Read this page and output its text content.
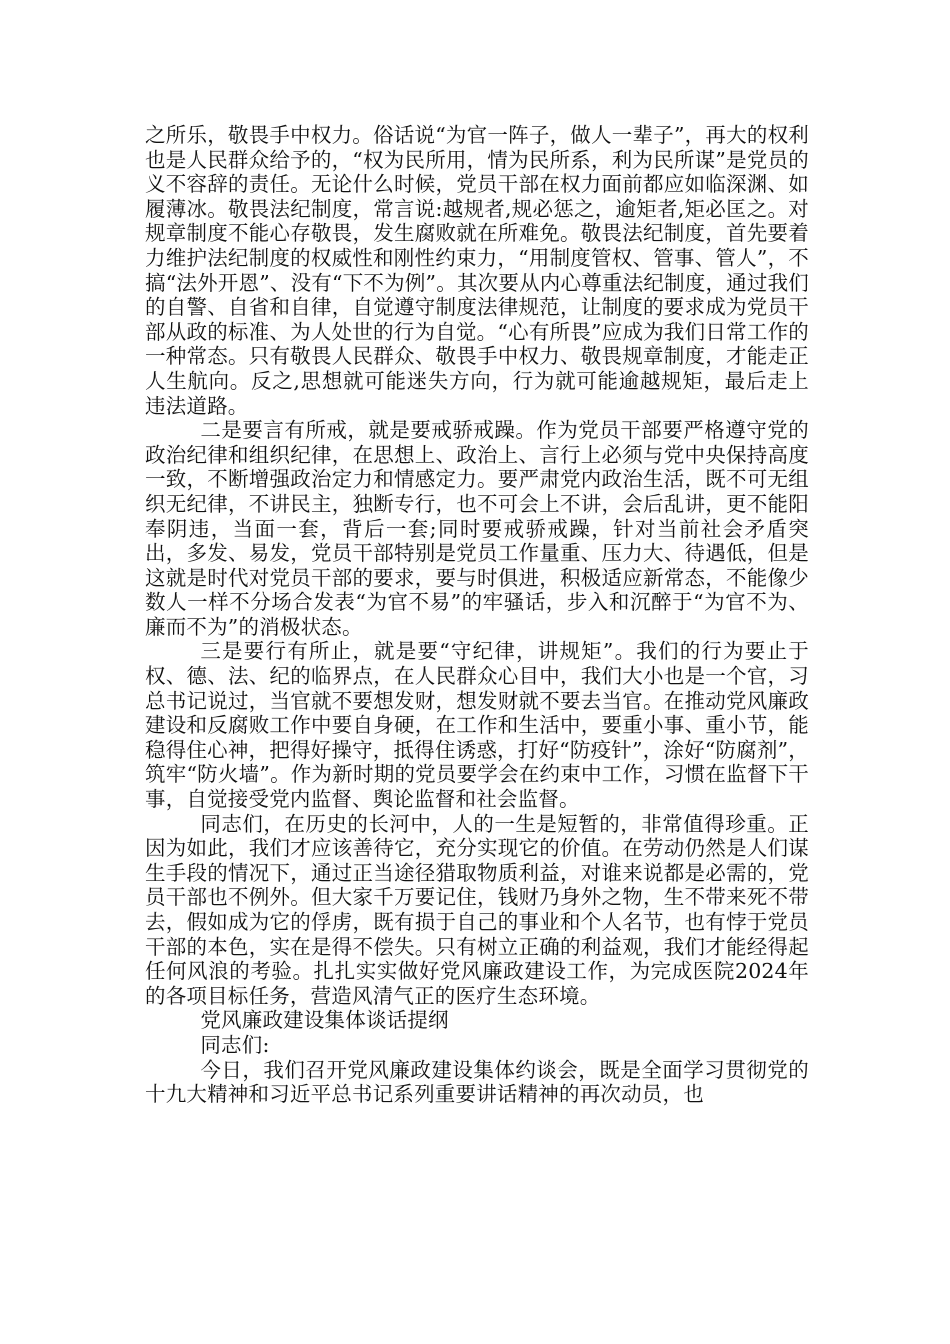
之所乐，敬畏手中权力。俗话说“为官一阵子，做人一辈子”，再大的权利也是人民群众给予的，“权为民所用，情为民所系，利为民所谋”是党员的义不容辞的责任。无论什么时候，党员干部在权力面前都应如临深渊、如履薄冰。敬畏法纪制度，常言说:越规者,规必惩之，逾矩者,矩必匡之。对规章制度不能心存敬畏，发生腐败就在所难免。敬畏法纪制度，首先要着力维护法纪制度的权威性和刚性约束力，“用制度管权、管事、管人”，不搞“法外开恩”、没有“下不为例”。其次要从内心尊重法纪制度，通过我们的自警、自省和自律，自觉遵守制度法律规范，让制度的要求成为党员干部从政的标准、为人处世的行为自觉。“心有所畏”应成为我们日常工作的一种常态。只有敬畏人民群众、敬畏手中权力、敬畏规章制度，才能走正人生航向。反之,思想就可能迷失方向，行为就可能逾越规矩，最后走上违法道路。

二是要言有所戒，就是要戒骄戒躁。作为党员干部要严格遵守党的政治纪律和组织纪律，在思想上、政治上、言行上必须与党中央保持高度一致，不断增强政治定力和情感定力。要严肃党内政治生活，既不可无组织无纪律，不讲民主，独断专行，也不可会上不讲，会后乱讲，更不能阳奉阴违，当面一套，背后一套;同时要戒骄戒躁，针对当前社会矛盾突出，多发、易发，党员干部特别是党员工作量重、压力大、待遇低，但是这就是时代对党员干部的要求，要与时俱进，积极适应新常态，不能像少数人一样不分场合发表“为官不易”的牢骚话，步入和沉醉于“为官不为、廉而不为”的消极状态。

三是要行有所止，就是要“守纪律，讲规矩”。我们的行为要止于权、德、法、纪的临界点，在人民群众心目中，我们大小也是一个官，习总书记说过，当官就不要想发财，想发财就不要去当官。在推动党风廉政建设和反腐败工作中要自身硬，在工作和生活中，要重小事、重小节，能稳得住心神，把得好操守，抵得住诱惑，打好“防疫针”，涂好“防腐剂”，筑牢“防火墙”。作为新时期的党员要学会在约束中工作，习惯在监督下干事，自觉接受党内监督、舆论监督和社会监督。

同志们，在历史的长河中，人的一生是短暂的，非常值得珍重。正因为如此，我们才应该善待它，充分实现它的价值。在劳动仍然是人们谋生手段的情况下，通过正当途径猎取物质利益，对谁来说都是必需的，党员干部也不例外。但大家千万要记住，钱财乃身外之物，生不带来死不带去，假如成为它的俘虏，既有损于自己的事业和个人名节，也有悖于党员干部的本色，实在是得不偿失。只有树立正确的利益观，我们才能经得起任何风浪的考验。扎扎实实做好党风廉政建设工作，为完成医院2024年的各项目标任务，营造风清气正的医疗生态环境。

党风廉政建设集体谈话提纲

同志们:

今日，我们召开党风廉政建设集体约谈会，既是全面学习贯彻党的十九大精神和习近平总书记系列重要讲话精神的再次动员，也
